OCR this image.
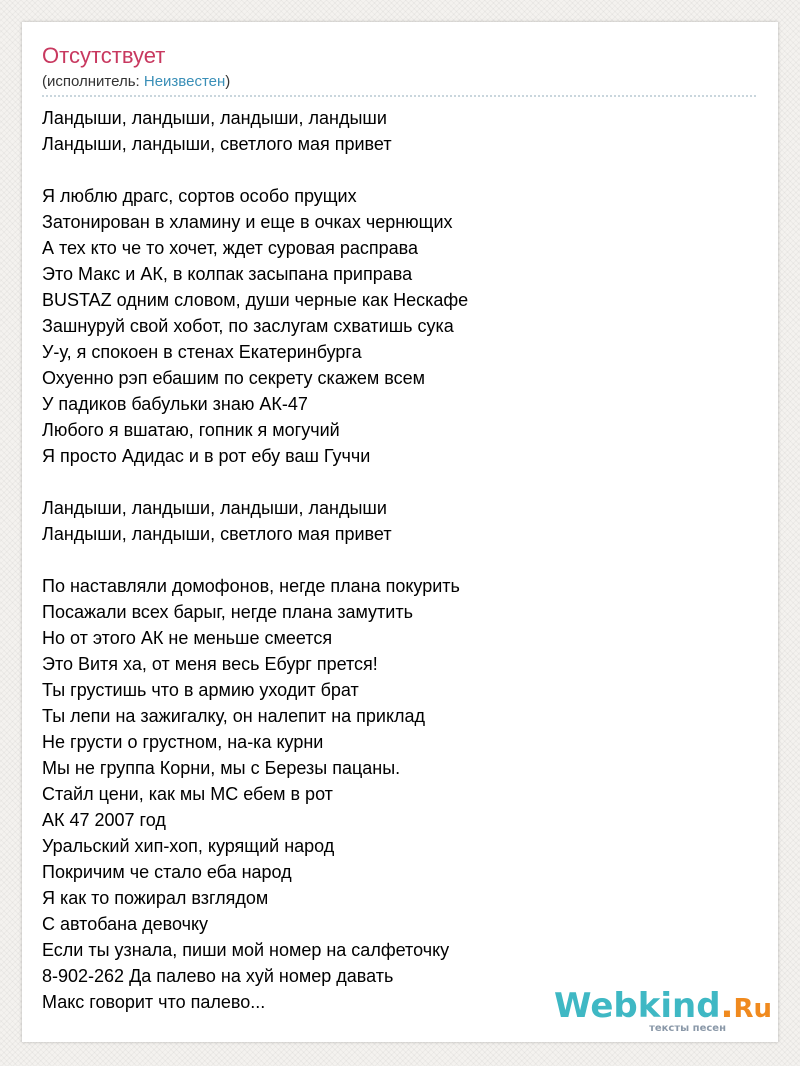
Отсутствует
(исполнитель: Неизвестен)
Ландыши, ландыши, ландыши, ландыши
Ландыши, ландыши, светлого мая привет
Я люблю драгс, сортов особо прущих
Затонирован в хламину и еще в очках чернющих
А тех кто че то хочет, ждет суровая расправа
Это Макс и АК, в колпак засыпана приправа
BUSTAZ одним словом, души черные как Нескафе
Зашнуруй свой хобот, по заслугам схватишь сука
У-у, я спокоен в стенах Екатеринбурга
Охуенно рэп ебашим по секрету скажем всем
У падиков бабульки знаю АК-47
Любого я вшатаю, гопник я могучий
Я просто Адидас и в рот ебу ваш Гуччи
Ландыши, ландыши, ландыши, ландыши
Ландыши, ландыши, светлого мая привет
По наставляли домофонов, негде плана покурить
Посажали всех барыг, негде плана замутить
Но от этого АК не меньше смеется
Это Витя ха, от меня весь Ебург прется!
Ты грустишь что в армию уходит брат
Ты лепи на зажигалку, он налепит на приклад
Не грусти о грустном, на-ка курни
Мы не группа Корни, мы с Березы пацаны.
Стайл цени, как мы МС ебем в рот
АК 47 2007 год
Уральский хип-хоп, курящий народ
Покричим че стало еба народ
Я как то пожирал взглядом
С автобана девочку
Если ты узнала, пиши мой номер на салфеточку
8-902-262 Да палево на хуй номер давать
Макс говорит что палево...	Webkind.Ru
тексты песен
